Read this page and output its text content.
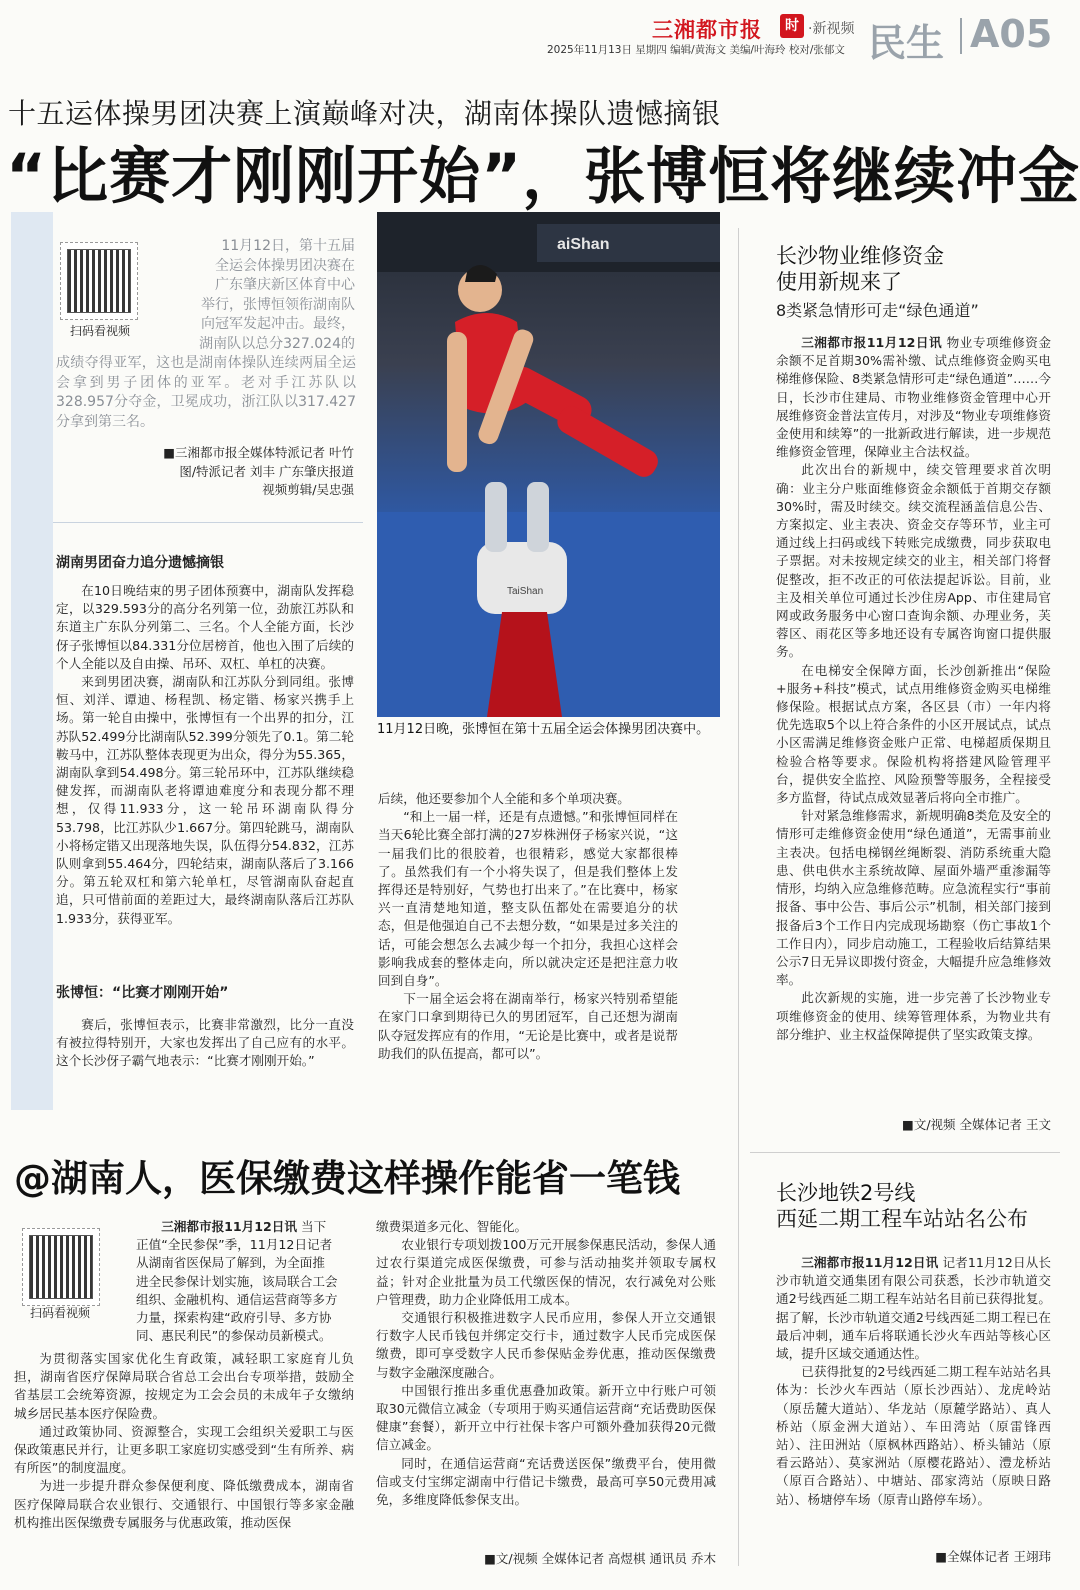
三湘都市报	时 ·新视频
2025年11月13日 星期四 编辑/黄海文 美编/叶海玲 校对/张郁文 民生 A05
十五运体操男团决赛上演巅峰对决，湖南体操队遗憾摘银
“比赛才刚刚开始”，张博恒将继续冲金
扫码看视频
11月12日，第十五届
全运会体操男团决赛在
广东肇庆新区体育中心
举行，张博恒领衔湖南队
向冠军发起冲击。最终，
湖南队以总分327.024的
成绩夺得亚军，这也是湖南体操队连续两届全运会拿到男子团体的亚军。老对手江苏队以328.957分夺金，卫冕成功，浙江队以317.427分拿到第三名。
■三湘都市报全媒体特派记者 叶竹
图/特派记者 刘丰 广东肇庆报道
视频剪辑/吴忠强
湖南男团奋力追分遗憾摘银

在10日晚结束的男子团体预赛中，湖南队发挥稳定，以329.593分的高分名列第一位，劲旅江苏队和东道主广东队分列第二、三名。个人全能方面，长沙伢子张博恒以84.331分位居榜首，他也入围了后续的个人全能以及自由操、吊环、双杠、单杠的决赛。

来到男团决赛，湖南队和江苏队分到同组。张博恒、刘洋、谭迪、杨程凯、杨定锴、杨家兴携手上场。第一轮自由操中，张博恒有一个出界的扣分，江苏队52.499分比湖南队52.399分领先了0.1。第二轮鞍马中，江苏队整体表现更为出众，得分为55.365，湖南队拿到54.498分。第三轮吊环中，江苏队继续稳健发挥，而湖南队老将谭迪难度分和表现分都不理想，仅得11.933分，这一轮吊环湖南队得分53.798，比江苏队少1.667分。第四轮跳马，湖南队小将杨定锴又出现落地失误，队伍得分54.832，江苏队则拿到55.464分，四轮结束，湖南队落后了3.166分。第五轮双杠和第六轮单杠，尽管湖南队奋起直追，只可惜前面的差距过大，最终湖南队落后江苏队1.933分，获得亚军。

张博恒：“比赛才刚刚开始”

赛后，张博恒表示，比赛非常激烈，比分一直没有被拉得特别开，大家也发挥出了自己应有的水平。这个长沙伢子霸气地表示：“比赛才刚刚开始。”

aiShan
TaiShan
11月12日晚，张博恒在第十五届全运会体操男团决赛中。

后续，他还要参加个人全能和多个单项决赛。

“和上一届一样，还是有点遗憾。”和张博恒同样在当天6轮比赛全部打满的27岁株洲伢子杨家兴说，“这一届我们比的很胶着，也很精彩，感觉大家都很棒了。虽然我们有一个小将失误了，但是我们整体上发挥得还是特别好，气势也打出来了。”在比赛中，杨家兴一直清楚地知道，整支队伍都处在需要追分的状态，但是他强迫自己不去想分数，“如果是过多关注的话，可能会想怎么去减少每一个扣分，我担心这样会影响我成套的整体走向，所以就决定还是把注意力收回到自身”。

下一届全运会将在湖南举行，杨家兴特别希望能在家门口拿到期待已久的男团冠军，自己还想为湖南队夺冠发挥应有的作用，“无论是比赛中，或者是说帮助我们的队伍提高，都可以”。

长沙物业维修资金
使用新规来了
8类紧急情形可走“绿色通道”

三湘都市报11月12日讯 物业专项维修资金余额不足首期30%需补缴、试点维修资金购买电梯维修保险、8类紧急情形可走“绿色通道”……今日，长沙市住建局、市物业维修资金管理中心开展维修资金普法宣传月，对涉及“物业专项维修资金使用和续筹”的一批新政进行解读，进一步规范维修资金管理，保障业主合法权益。

此次出台的新规中，续交管理要求首次明确：业主分户账面维修资金余额低于首期交存额30%时，需及时续交。续交流程涵盖信息公告、方案拟定、业主表决、资金交存等环节，业主可通过线上扫码或线下转账完成缴费，同步获取电子票据。对未按规定续交的业主，相关部门将督促整改，拒不改正的可依法提起诉讼。目前，业主及相关单位可通过长沙住房App、市住建局官网或政务服务中心窗口查询余额、办理业务，芙蓉区、雨花区等多地还设有专属咨询窗口提供服务。

在电梯安全保障方面，长沙创新推出“保险+服务+科技”模式，试点用维修资金购买电梯维修保险。根据试点方案，各区县（市）一年内将优先选取5个以上符合条件的小区开展试点，试点小区需满足维修资金账户正常、电梯超质保期且检验合格等要求。保险机构将搭建风险管理平台，提供安全监控、风险预警等服务，全程接受多方监督，待试点成效显著后将向全市推广。

针对紧急维修需求，新规明确8类危及安全的情形可走维修资金使用“绿色通道”，无需事前业主表决。包括电梯钢丝绳断裂、消防系统重大隐患、供电供水主系统故障、屋面外墙严重渗漏等情形，均纳入应急维修范畴。应急流程实行“事前报备、事中公告、事后公示”机制，相关部门接到报备后3个工作日内完成现场勘察（伤亡事故1个工作日内），同步启动施工，工程验收后结算结果公示7日无异议即拨付资金，大幅提升应急维修效率。

此次新规的实施，进一步完善了长沙物业专项维修资金的使用、续筹管理体系，为物业共有部分维护、业主权益保障提供了坚实政策支撑。

■文/视频 全媒体记者 王文
长沙地铁2号线
西延二期工程车站站名公布

三湘都市报11月12日讯 记者11月12日从长沙市轨道交通集团有限公司获悉，长沙市轨道交通2号线西延二期工程车站站名目前已获得批复。据了解，长沙市轨道交通2号线西延二期工程已在最后冲刺，通车后将联通长沙火车西站等核心区域，提升区域交通通达性。

已获得批复的2号线西延二期工程车站站名具体为：长沙火车西站（原长沙西站）、龙虎岭站（原岳麓大道站）、华龙站（原麓学路站）、真人桥站（原金洲大道站）、车田湾站（原雷锋西站）、注田洲站（原枫林西路站）、桥头铺站（原看云路站）、莫家洲站（原樱花路站）、澧龙桥站（原百合路站）、中塘站、邵家湾站（原映日路站）、杨塘停车场（原青山路停车场）。

■全媒体记者 王翊玮
@湖南人，医保缴费这样操作能省一笔钱
扫码看视频
三湘都市报11月12日讯 当下
正值“全民参保”季，11月12日记者
从湖南省医保局了解到，为全面推
进全民参保计划实施，该局联合工会
组织、金融机构、通信运营商等多方
力量，探索构建“政府引导、多方协
同、惠民利民”的参保动员新模式。

为贯彻落实国家优化生育政策，减轻职工家庭育儿负担，湖南省医疗保障局联合省总工会出台专项举措，鼓励全省基层工会统筹资源，按规定为工会会员的未成年子女缴纳城乡居民基本医疗保险费。

通过政策协同、资源整合，实现工会组织关爱职工与医保政策惠民并行，让更多职工家庭切实感受到“生有所养、病有所医”的制度温度。

为进一步提升群众参保便利度、降低缴费成本，湖南省医疗保障局联合农业银行、交通银行、中国银行等多家金融机构推出医保缴费专属服务与优惠政策，推动医保

缴费渠道多元化、智能化。

农业银行专项划拨100万元开展参保惠民活动，参保人通过农行渠道完成医保缴费，可参与活动抽奖并领取专属权益；针对企业批量为员工代缴医保的情况，农行减免对公账户管理费，助力企业降低用工成本。

交通银行积极推进数字人民币应用，参保人开立交通银行数字人民币钱包并绑定交行卡，通过数字人民币完成医保缴费，即可享受数字人民币参保贴金券优惠，推动医保缴费与数字金融深度融合。

中国银行推出多重优惠叠加政策。新开立中行账户可领取30元微信立减金（专项用于购买通信运营商“充话费助医保健康”套餐），新开立中行社保卡客户可额外叠加获得20元微信立减金。

同时，在通信运营商“充话费送医保”缴费平台，使用微信或支付宝绑定湖南中行借记卡缴费，最高可享50元费用减免，多维度降低参保支出。

■文/视频 全媒体记者 高煜棋 通讯员 乔木
